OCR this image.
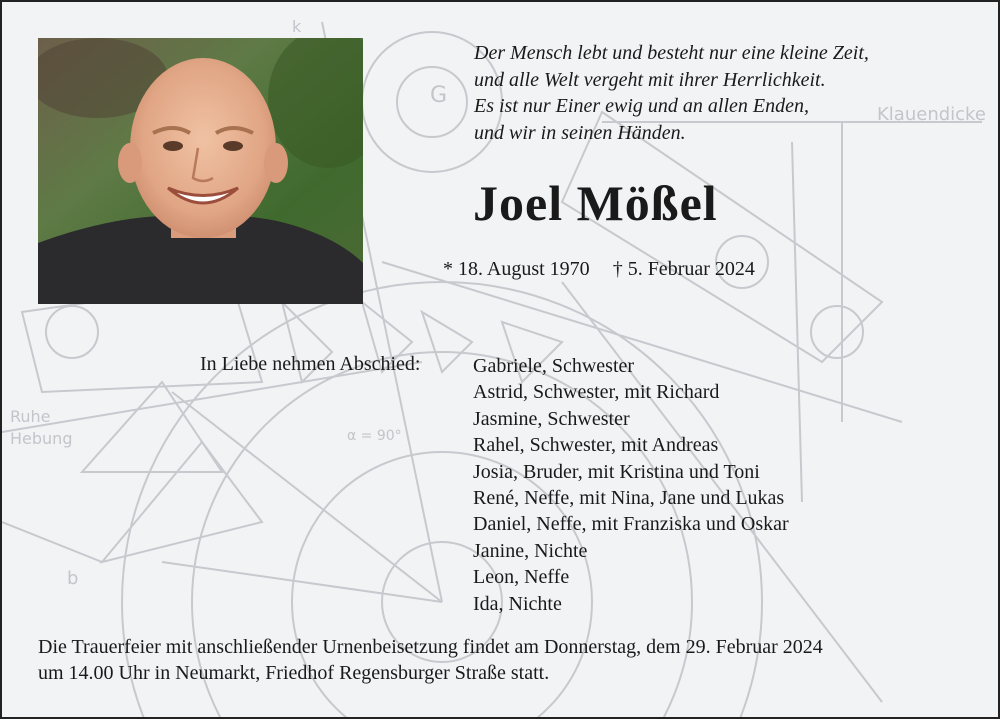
Klauendicke
Ruhe
Hebung
G
b
k
α = 90°
Der Mensch lebt und besteht nur eine kleine Zeit,
und alle Welt vergeht mit ihrer Herrlichkeit.
Es ist nur Einer ewig und an allen Enden,
und wir in seinen Händen.
Joel Mößel
* 18. August 1970 † 5. Februar 2024
In Liebe nehmen Abschied:	Gabriele, Schwester
Astrid, Schwester, mit Richard
Jasmine, Schwester
Rahel, Schwester, mit Andreas
Josia, Bruder, mit Kristina und Toni
René, Neffe, mit Nina, Jane und Lukas
Daniel, Neffe, mit Franziska und Oskar
Janine, Nichte
Leon, Neffe
Ida, Nichte
Die Trauerfeier mit anschließender Urnenbeisetzung findet am Donnerstag, dem 29. Februar 2024
um 14.00 Uhr in Neumarkt, Friedhof Regensburger Straße statt.
